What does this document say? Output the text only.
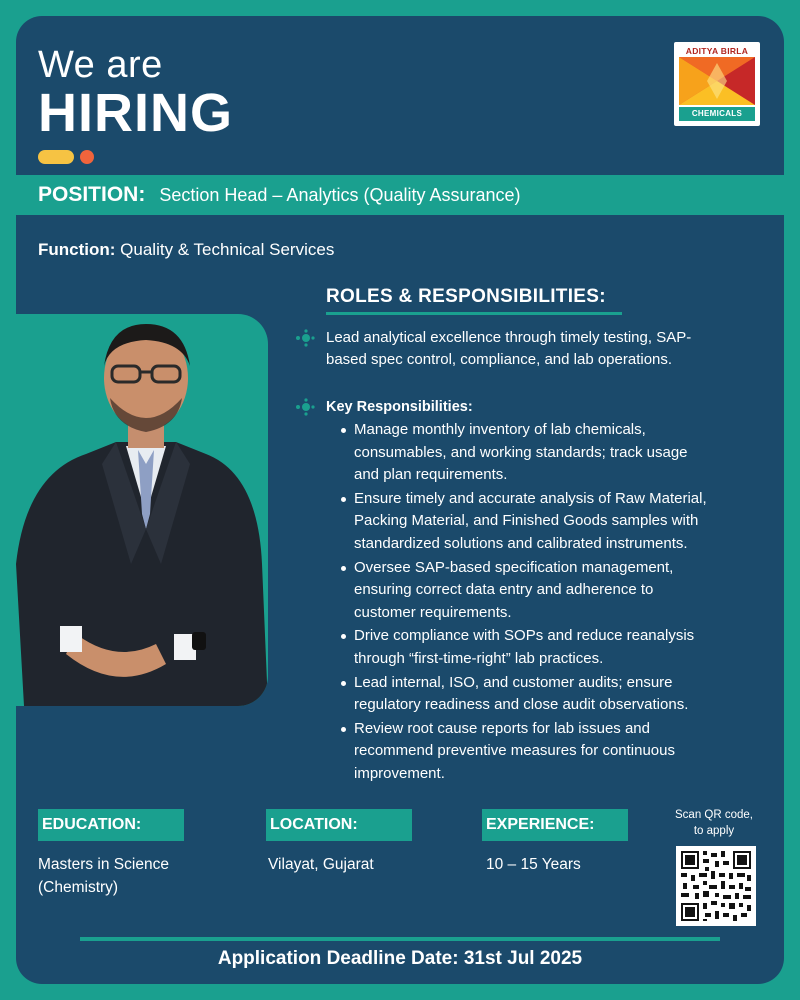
We are
HIRING
ADITYA BIRLA
CHEMICALS
POSITION: Section Head – Analytics (Quality Assurance)
Function: Quality & Technical Services
ROLES & RESPONSIBILITIES:
Lead analytical excellence through timely testing, SAP-
based spec control, compliance, and lab operations.
Key Responsibilities:
Manage monthly inventory of lab chemicals,
consumables, and working standards; track usage
and plan requirements.
Ensure timely and accurate analysis of Raw Material,
Packing Material, and Finished Goods samples with
standardized solutions and calibrated instruments.
Oversee SAP-based specification management,
ensuring correct data entry and adherence to
customer requirements.
Drive compliance with SOPs and reduce reanalysis
through “first-time-right” lab practices.
Lead internal, ISO, and customer audits; ensure
regulatory readiness and close audit observations.
Review root cause reports for lab issues and
recommend preventive measures for continuous
improvement.
EDUCATION:
Masters in Science
(Chemistry)
LOCATION:
Vilayat, Gujarat
EXPERIENCE:
10 – 15 Years
Scan QR code,
to apply
Application Deadline Date: 31st Jul 2025
